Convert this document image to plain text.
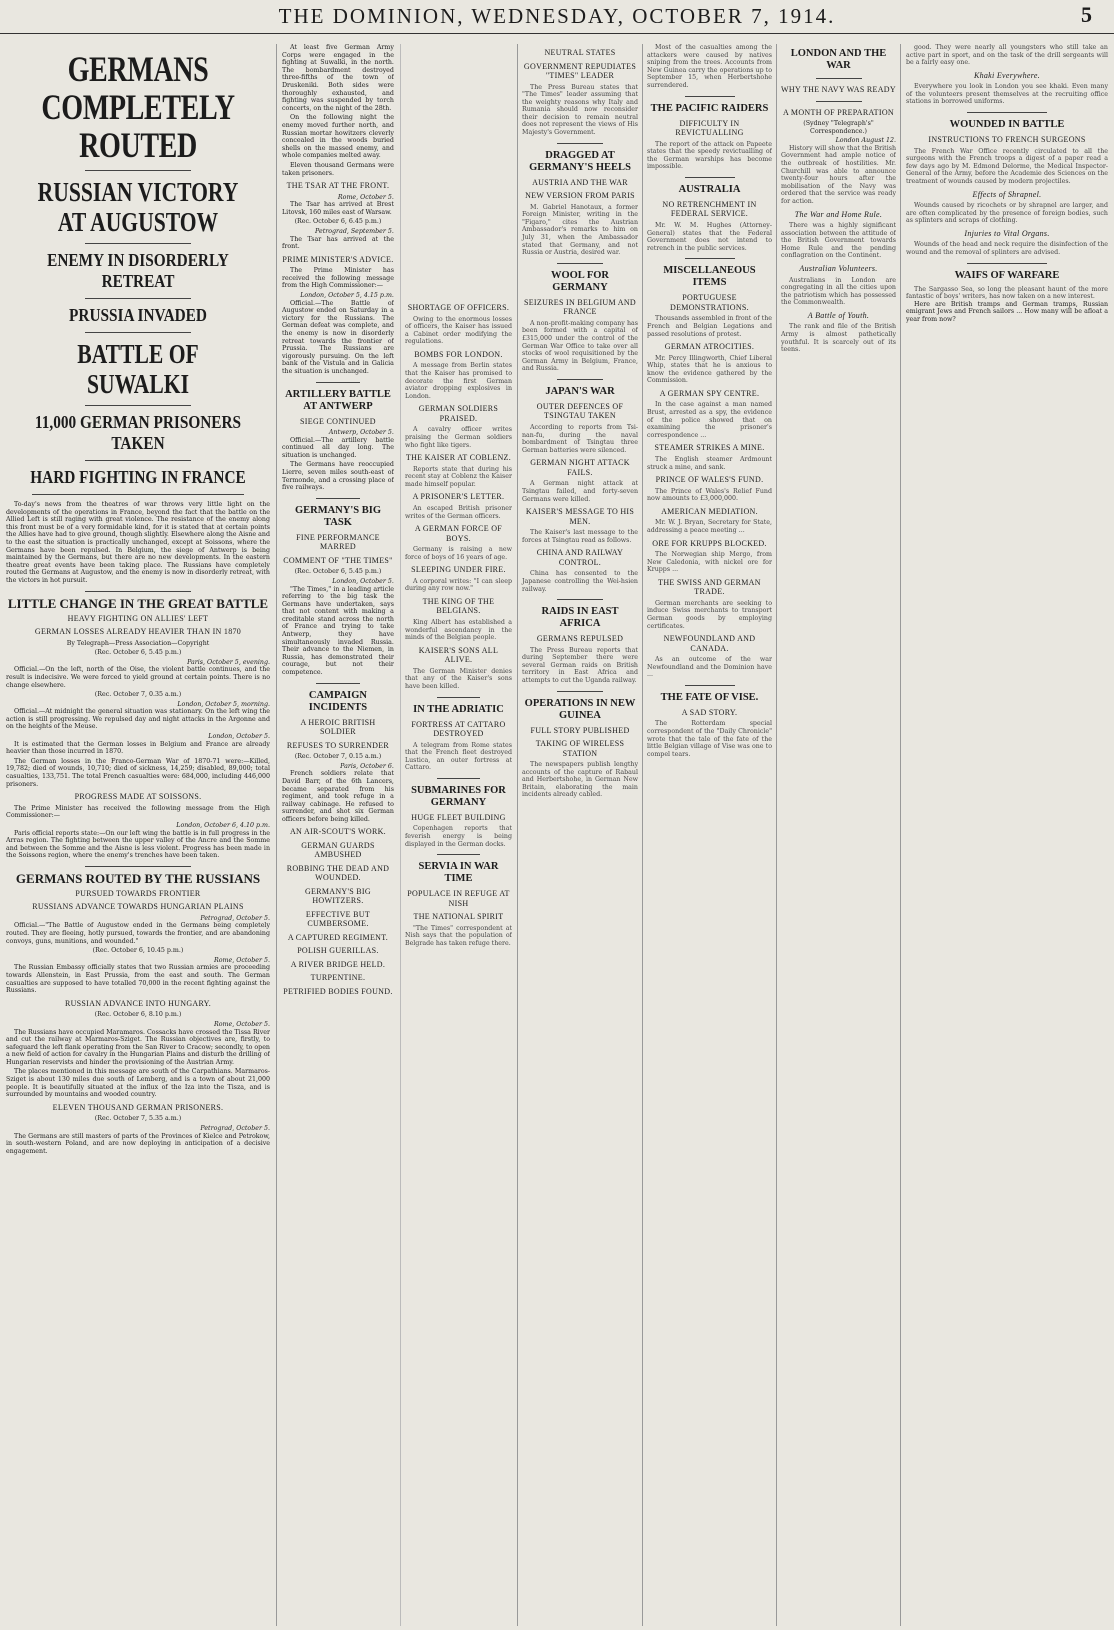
THE DOMINION, WEDNESDAY, OCTOBER 7, 1914.	5
GERMANS COMPLETELY ROUTED
RUSSIAN VICTORY AT AUGUSTOW
ENEMY IN DISORDERLY RETREAT
PRUSSIA INVADED
BATTLE OF SUWALKI
11,000 GERMAN PRISONERS TAKEN
HARD FIGHTING IN FRANCE

To-day's news from the theatres of war throws very little light on the developments of the operations in France, beyond the fact that the battle on the Allied Left is still raging with great violence. The resistance of the enemy along this front must be of a very formidable kind, for it is stated that at certain points the Allies have had to give ground, though slightly. Elsewhere along the Aisne and to the east the situation is practically unchanged, except at Soissons, where the Germans have been repulsed. In Belgium, the siege of Antwerp is being maintained by the Germans, but there are no new developments. In the eastern theatre great events have been taking place. The Russians have completely routed the Germans at Augustow, and the enemy is now in disorderly retreat, with the victors in hot pursuit.

LITTLE CHANGE IN THE GREAT BATTLE
HEAVY FIGHTING ON ALLIES' LEFT
GERMAN LOSSES ALREADY HEAVIER THAN IN 1870
By Telegraph—Press Association—Copyright
(Rec. October 6, 5.45 p.m.)
Paris, October 5, evening.

Official.—On the left, north of the Oise, the violent battle continues, and the result is indecisive. We were forced to yield ground at certain points. There is no change elsewhere.

(Rec. October 7, 0.35 a.m.)
London, October 5, morning.

Official.—At midnight the general situation was stationary. On the left wing the action is still progressing. We repulsed day and night attacks in the Argonne and on the heights of the Meuse.

London, October 5.

It is estimated that the German losses in Belgium and France are already heavier than those incurred in 1870.

The German losses in the Franco-German War of 1870-71 were:—Killed, 19,782; died of wounds, 10,710; died of sickness, 14,259; disabled, 89,000; total casualties, 133,751. The total French casualties were: 684,000, including 446,000 prisoners.

PROGRESS MADE AT SOISSONS.

The Prime Minister has received the following message from the High Commissioner:—

London, October 6, 4.10 p.m.

Paris official reports state:—On our left wing the battle is in full progress in the Arras region. The fighting between the upper valley of the Ancre and the Somme and between the Somme and the Aisne is less violent. Progress has been made in the Soissons region, where the enemy's trenches have been taken.

GERMANS ROUTED BY THE RUSSIANS
PURSUED TOWARDS FRONTIER
RUSSIANS ADVANCE TOWARDS HUNGARIAN PLAINS
Petrograd, October 5.

Official.—"The Battle of Augustow ended in the Germans being completely routed. They are fleeing, hotly pursued, towards the frontier, and are abandoning convoys, guns, munitions, and wounded."

(Rec. October 6, 10.45 p.m.)
Rome, October 5.

The Russian Embassy officially states that two Russian armies are proceeding towards Allenstein, in East Prussia, from the east and south. The German casualties are supposed to have totalled 70,000 in the recent fighting against the Russians.

RUSSIAN ADVANCE INTO HUNGARY.
(Rec. October 6, 8.10 p.m.)
Rome, October 5.

The Russians have occupied Maramaros. Cossacks have crossed the Tissa River and cut the railway at Marmaros-Sziget. The Russian objectives are, firstly, to safeguard the left flank operating from the San River to Cracow; secondly, to open a new field of action for cavalry in the Hungarian Plains and disturb the drilling of Hungarian reservists and hinder the provisioning of the Austrian Army.

The places mentioned in this message are south of the Carpathians. Marmaros-Sziget is about 130 miles due south of Lemberg, and is a town of about 21,000 people. It is beautifully situated at the influx of the Iza into the Tisza, and is surrounded by mountains and wooded country.

ELEVEN THOUSAND GERMAN PRISONERS.
(Rec. October 7, 5.35 a.m.)
Petrograd, October 5.

The Germans are still masters of parts of the Provinces of Kielce and Petrokow, in south-western Poland, and are now deploying in anticipation of a decisive engagement.

At least five German Army Corps were engaged in the fighting at Suwalki, in the north. The bombardment destroyed three-fifths of the town of Druskeniki. Both sides were thoroughly exhausted, and fighting was suspended by torch concerts, on the night of the 28th.

On the following night the enemy moved further north, and Russian mortar howitzers cleverly concealed in the woods buried shells on the massed enemy, and whole companies melted away.

Eleven thousand Germans were taken prisoners.

THE TSAR AT THE FRONT.
Rome, October 5.

The Tsar has arrived at Brest Litovsk, 160 miles east of Warsaw.

(Rec. October 6, 6.45 p.m.)
Petrograd, September 5.

The Tsar has arrived at the front.

PRIME MINISTER'S ADVICE.

The Prime Minister has received the following message from the High Commissioner:—

London, October 5, 4.15 p.m.

Official.—The Battle of Augustow ended on Saturday in a victory for the Russians. The German defeat was complete, and the enemy is now in disorderly retreat towards the frontier of Prussia. The Russians are vigorously pursuing. On the left bank of the Vistula and in Galicia the situation is unchanged.

ARTILLERY BATTLE AT ANTWERP
SIEGE CONTINUED
Antwerp, October 5.

Official.—The artillery battle continued all day long. The situation is unchanged.

The Germans have reoccupied Lierre, seven miles south-east of Termonde, and a crossing place of five railways.

GERMANY'S BIG TASK
FINE PERFORMANCE MARRED
COMMENT OF "THE TIMES"
(Rec. October 6, 5.45 p.m.)
London, October 5.

"The Times," in a leading article referring to the big task the Germans have undertaken, says that not content with making a creditable stand across the north of France and trying to take Antwerp, they have simultaneously invaded Russia. Their advance to the Niemen, in Russia, has demonstrated their courage, but not their competence.

CAMPAIGN INCIDENTS
A HEROIC BRITISH SOLDIER
REFUSES TO SURRENDER
(Rec. October 7, 0.15 a.m.)
Paris, October 6.

French soldiers relate that David Barr, of the 6th Lancers, became separated from his regiment, and took refuge in a railway cabinage. He refused to surrender, and shot six German officers before being killed.

AN AIR-SCOUT'S WORK.
GERMAN GUARDS AMBUSHED
ROBBING THE DEAD AND WOUNDED.
GERMANY'S BIG HOWITZERS.
EFFECTIVE BUT CUMBERSOME.
A CAPTURED REGIMENT.
POLISH GUERILLAS.
A RIVER BRIDGE HELD.
TURPENTINE.
PETRIFIED BODIES FOUND.
SHORTAGE OF OFFICERS.

Owing to the enormous losses of officers, the Kaiser has issued a Cabinet order modifying the regulations.

BOMBS FOR LONDON.

A message from Berlin states that the Kaiser has promised to decorate the first German aviator dropping explosives in London.

GERMAN SOLDIERS PRAISED.

A cavalry officer writes praising the German soldiers who fight like tigers.

THE KAISER AT COBLENZ.

Reports state that during his recent stay at Coblenz the Kaiser made himself popular.

A PRISONER'S LETTER.

An escaped British prisoner writes of the German officers.

A GERMAN FORCE OF BOYS.

Germany is raising a new force of boys of 16 years of age.

SLEEPING UNDER FIRE.

A corporal writes: "I can sleep during any row now."

THE KING OF THE BELGIANS.

King Albert has established a wonderful ascendancy in the minds of the Belgian people.

KAISER'S SONS ALL ALIVE.

The German Minister denies that any of the Kaiser's sons have been killed.

IN THE ADRIATIC
FORTRESS AT CATTARO DESTROYED

A telegram from Rome states that the French fleet destroyed Lustica, an outer fortress at Cattaro.

SUBMARINES FOR GERMANY
HUGE FLEET BUILDING

Copenhagen reports that feverish energy is being displayed in the German docks.

SERVIA IN WAR TIME
POPULACE IN REFUGE AT NISH
THE NATIONAL SPIRIT

"The Times" correspondent at Nish says that the population of Belgrade has taken refuge there.

NEUTRAL STATES
GOVERNMENT REPUDIATES "TIMES" LEADER

The Press Bureau states that "The Times" leader assuming that the weighty reasons why Italy and Rumania should now reconsider their decision to remain neutral does not represent the views of His Majesty's Government.

DRAGGED AT GERMANY'S HEELS
AUSTRIA AND THE WAR
NEW VERSION FROM PARIS

M. Gabriel Hanotaux, a former Foreign Minister, writing in the "Figaro," cites the Austrian Ambassador's remarks to him on July 31, when the Ambassador stated that Germany, and not Russia or Austria, desired war.

WOOL FOR GERMANY
SEIZURES IN BELGIUM AND FRANCE

A non-profit-making company has been formed with a capital of £315,000 under the control of the German War Office to take over all stocks of wool requisitioned by the German Army in Belgium, France, and Russia.

JAPAN'S WAR
OUTER DEFENCES OF TSINGTAU TAKEN

According to reports from Tsi-nan-fu, during the naval bombardment of Tsingtau three German batteries were silenced.

GERMAN NIGHT ATTACK FAILS.

A German night attack at Tsingtau failed, and forty-seven Germans were killed.

KAISER'S MESSAGE TO HIS MEN.

The Kaiser's last message to the forces at Tsingtau read as follows.

CHINA AND RAILWAY CONTROL.

China has consented to the Japanese controlling the Wei-hsien railway.

RAIDS IN EAST AFRICA
GERMANS REPULSED

The Press Bureau reports that during September there were several German raids on British territory in East Africa and attempts to cut the Uganda railway.

OPERATIONS IN NEW GUINEA
FULL STORY PUBLISHED
TAKING OF WIRELESS STATION

The newspapers publish lengthy accounts of the capture of Rabaul and Herbertshohe, in German New Britain, elaborating the main incidents already cabled.

Most of the casualties among the attackers were caused by natives sniping from the trees. Accounts from New Guinea carry the operations up to September 15, when Herbertshohe surrendered.

THE PACIFIC RAIDERS
DIFFICULTY IN REVICTUALLING

The report of the attack on Papeete states that the speedy revictualling of the German warships has become impossible.

AUSTRALIA
NO RETRENCHMENT IN FEDERAL SERVICE.

Mr. W. M. Hughes (Attorney-General) states that the Federal Government does not intend to retrench in the public services.

MISCELLANEOUS ITEMS
PORTUGUESE DEMONSTRATIONS.

Thousands assembled in front of the French and Belgian Legations and passed resolutions of protest.

GERMAN ATROCITIES.

Mr. Percy Illingworth, Chief Liberal Whip, states that he is anxious to know the evidence gathered by the Commission.

A GERMAN SPY CENTRE.

In the case against a man named Brust, arrested as a spy, the evidence of the police showed that on examining the prisoner's correspondence ...

STEAMER STRIKES A MINE.

The English steamer Ardmount struck a mine, and sank.

PRINCE OF WALES'S FUND.

The Prince of Wales's Relief Fund now amounts to £3,000,000.

AMERICAN MEDIATION.

Mr. W. J. Bryan, Secretary for State, addressing a peace meeting ...

ORE FOR KRUPPS BLOCKED.

The Norwegian ship Mergo, from New Caledonia, with nickel ore for Krupps ...

THE SWISS AND GERMAN TRADE.

German merchants are seeking to induce Swiss merchants to transport German goods by employing certificates.

NEWFOUNDLAND AND CANADA.

As an outcome of the war Newfoundland and the Dominion have ...

THE FATE OF VISE.
A SAD STORY.

The Rotterdam special correspondent of the "Daily Chronicle" wrote that the tale of the fate of the little Belgian village of Vise was one to compel tears.

LONDON AND THE WAR
WHY THE NAVY WAS READY
A MONTH OF PREPARATION
(Sydney "Telegraph's" Correspondence.)
London August 12.

History will show that the British Government had ample notice of the outbreak of hostilities. Mr. Churchill was able to announce twenty-four hours after the mobilisation of the Navy was ordered that the service was ready for action.

The War and Home Rule.

There was a highly significant association between the attitude of the British Government towards Home Rule and the pending conflagration on the Continent.

Australian Volunteers.

Australians in London are congregating in all the cities upon the patriotism which has possessed the Commonwealth.

A Battle of Youth.

The rank and file of the British Army is almost pathetically youthful. It is scarcely out of its teens.

good. They were nearly all youngsters who still take an active part in sport, and on the task of the drill sergeants will be a fairly easy one.

Khaki Everywhere.

Everywhere you look in London you see khaki. Even many of the volunteers present themselves at the recruiting office stations in borrowed uniforms.

WOUNDED IN BATTLE
INSTRUCTIONS TO FRENCH SURGEONS

The French War Office recently circulated to all the surgeons with the French troops a digest of a paper read a few days ago by M. Edmond Delorme, the Medical Inspector-General of the Army, before the Academie des Sciences on the treatment of wounds caused by modern projectiles.

Effects of Shrapnel.

Wounds caused by ricochets or by shrapnel are larger, and are often complicated by the presence of foreign bodies, such as splinters and scraps of clothing.

Injuries to Vital Organs.

Wounds of the head and neck require the disinfection of the wound and the removal of splinters are advised.

WAIFS OF WARFARE

The Sargasso Sea, so long the pleasant haunt of the more fantastic of boys' writers, has now taken on a new interest.

Here are British tramps and German tramps, Russian emigrant Jews and French sailors ... How many will be afloat a year from now?
